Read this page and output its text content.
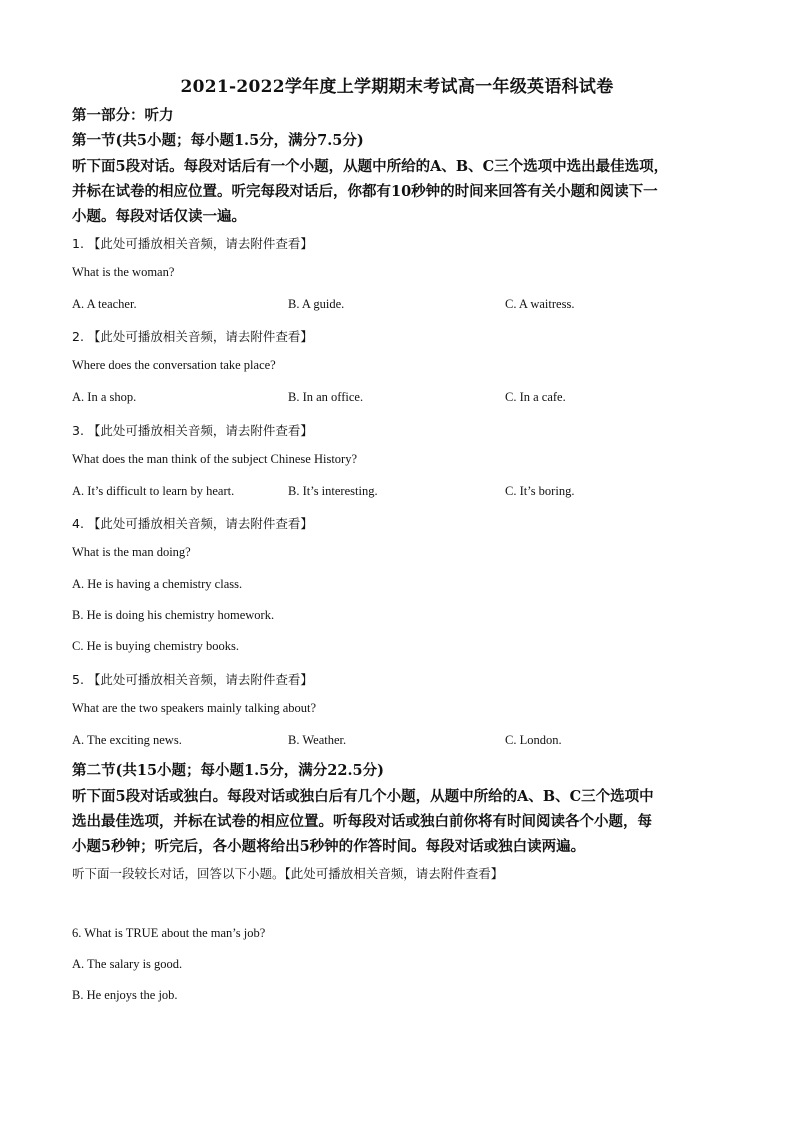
2021-2022学年度上学期期末考试高一年级英语科试卷
第一部分：听力
第一节(共5小题；每小题1.5分，满分7.5分)
听下面5段对话。每段对话后有一个小题，从题中所给的A、B、C三个选项中选出最佳选项，
并标在试卷的相应位置。听完每段对话后，你都有10秒钟的时间来回答有关小题和阅读下一
小题。每段对话仅读一遍。
1. 【此处可播放相关音频，请去附件查看】
What is the woman?
A. A teacher.	B. A guide.	C. A waitress.
2. 【此处可播放相关音频，请去附件查看】
Where does the conversation take place?
A. In a shop.	B. In an office.	C. In a cafe.
3. 【此处可播放相关音频，请去附件查看】
What does the man think of the subject Chinese History?
A. It’s difficult to learn by heart.	B. It’s interesting.	C. It’s boring.
4. 【此处可播放相关音频，请去附件查看】
What is the man doing?
A. He is having a chemistry class.
B. He is doing his chemistry homework.
C. He is buying chemistry books.
5. 【此处可播放相关音频，请去附件查看】
What are the two speakers mainly talking about?
A. The exciting news.	B. Weather.	C. London.
第二节(共15小题；每小题1.5分，满分22.5分)
听下面5段对话或独白。每段对话或独白后有几个小题，从题中所给的A、B、C三个选项中
选出最佳选项，并标在试卷的相应位置。听每段对话或独白前你将有时间阅读各个小题，每
小题5秒钟；听完后，各小题将给出5秒钟的作答时间。每段对话或独白读两遍。
听下面一段较长对话，回答以下小题。【此处可播放相关音频，请去附件查看】
6. What is TRUE about the man’s job?
A. The salary is good.
B. He enjoys the job.
